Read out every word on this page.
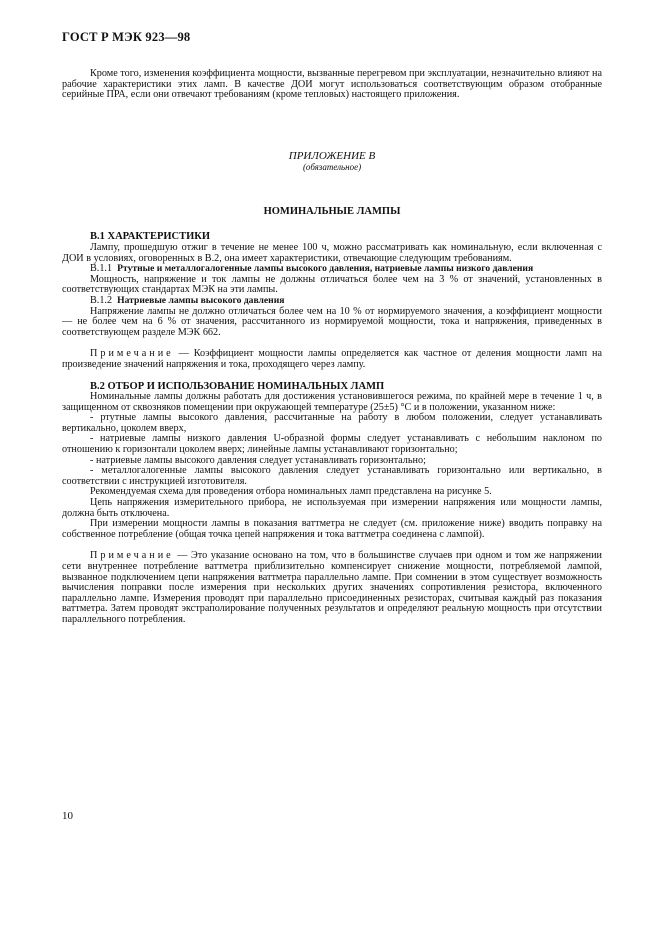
ГОСТ Р МЭК 923—98

Кроме того, изменения коэффициента мощности, вызванные перегревом при эксплуатации, незначительно влияют на рабочие характеристики этих ламп. В качестве ДОИ могут использоваться соответствующим образом отобранные серийные ПРА, если они отвечают требованиям (кроме тепловых) настоящего приложения.

ПРИЛОЖЕНИЕ В
(обязательное)
НОМИНАЛЬНЫЕ ЛАМПЫ
В.1 ХАРАКТЕРИСТИКИ

Лампу, прошедшую отжиг в течение не менее 100 ч, можно рассматривать как номинальную, если включенная с ДОИ в условиях, оговоренных в В.2, она имеет характеристики, отвечающие следующим требованиям.

В.1.1 Ртутные и металлогалогенные лампы высокого давления, натриевые лампы низкого давления

Мощность, напряжение и ток лампы не должны отличаться более чем на 3 % от значений, установленных в соответствующих стандартах МЭК на эти лампы.

В.1.2 Натриевые лампы высокого давления

Напряжение лампы не должно отличаться более чем на 10 % от нормируемого значения, а коэффициент мощности — не более чем на 6 % от значения, рассчитанного из нормируемой мощности, тока и напряжения, приведенных в соответствующем разделе МЭК 662.

Примечание — Коэффициент мощности лампы определяется как частное от деления мощности ламп на произведение значений напряжения и тока, проходящего через лампу.

В.2 ОТБОР И ИСПОЛЬЗОВАНИЕ НОМИНАЛЬНЫХ ЛАМП

Номинальные лампы должны работать для достижения установившегося режима, по крайней мере в течение 1 ч, в защищенном от сквозняков помещении при окружающей температуре (25±5) °С и в положении, указанном ниже:

- ртутные лампы высокого давления, рассчитанные на работу в любом положении, следует устанавливать вертикально, цоколем вверх,

- натриевые лампы низкого давления U-образной формы следует устанавливать с небольшим наклоном по отношению к горизонтали цоколем вверх; линейные лампы устанавливают горизонтально;

- натриевые лампы высокого давления следует устанавливать горизонтально;

- металлогалогенные лампы высокого давления следует устанавливать горизонтально или вертикально, в соответствии с инструкцией изготовителя.

Рекомендуемая схема для проведения отбора номинальных ламп представлена на рисунке 5.

Цепь напряжения измерительного прибора, не используемая при измерении напряжения или мощности лампы, должна быть отключена.

При измерении мощности лампы в показания ваттметра не следует (см. приложение ниже) вводить поправку на собственное потребление (общая точка цепей напряжения и тока ваттметра соединена с лампой).

Примечание — Это указание основано на том, что в большинстве случаев при одном и том же напряжении сети внутреннее потребление ваттметра приблизительно компенсирует снижение мощности, потребляемой лампой, вызванное подключением цепи напряжения ваттметра параллельно лампе. При сомнении в этом существует возможность вычисления поправки после измерения при нескольких других значениях сопротивления резистора, включенного параллельно лампе. Измерения проводят при параллельно присоединенных резисторах, считывая каждый раз показания ваттметра. Затем проводят экстраполирование полученных результатов и определяют реальную мощность при отсутствии параллельного потребления.

10
